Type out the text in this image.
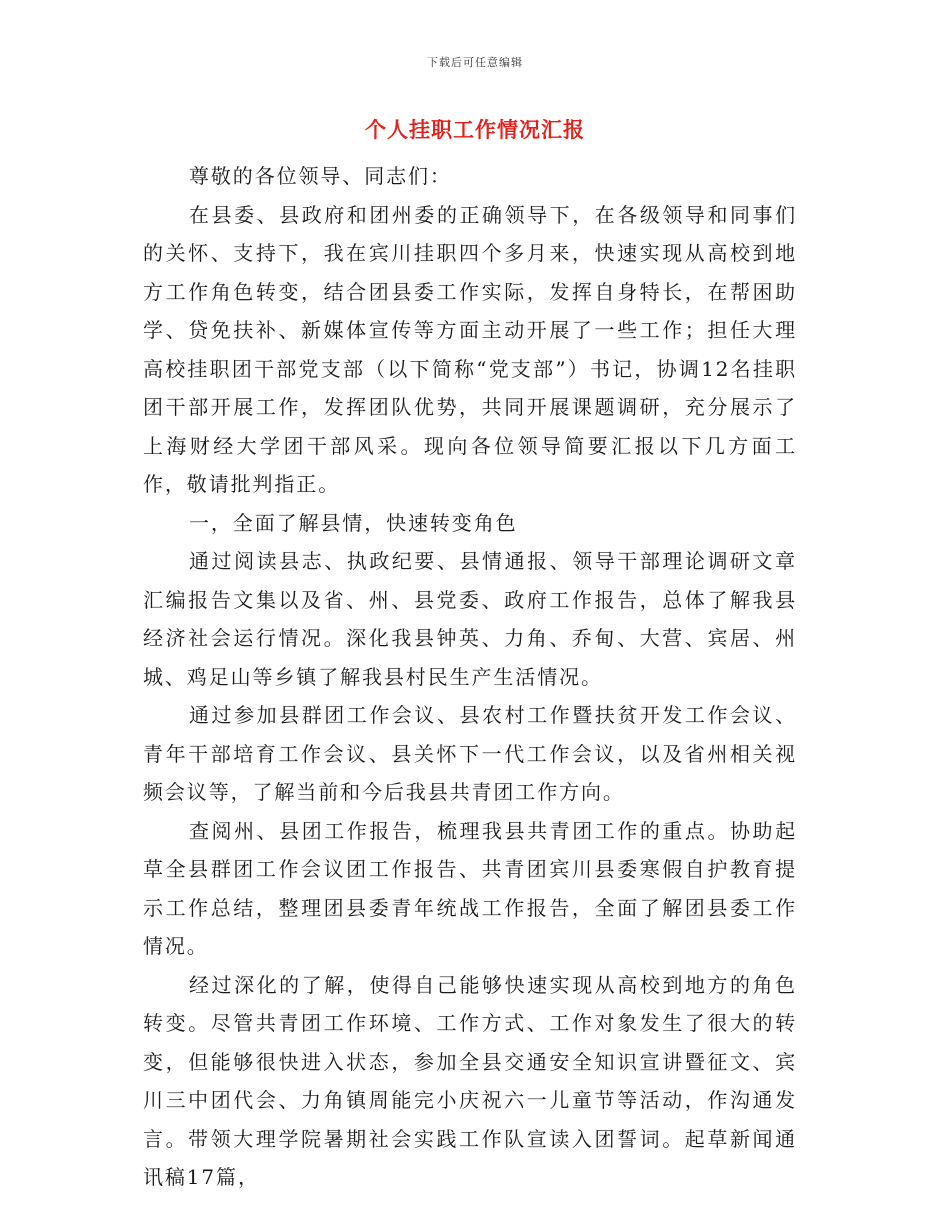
下载后可任意编辑
个人挂职工作情况汇报

尊敬的各位领导、同志们：

在县委、县政府和团州委的正确领导下，在各级领导和同事们的关怀、支持下，我在宾川挂职四个多月来，快速实现从高校到地方工作角色转变，结合团县委工作实际，发挥自身特长，在帮困助学、贷免扶补、新媒体宣传等方面主动开展了一些工作；担任大理高校挂职团干部党支部（以下简称“党支部”）书记，协调12名挂职团干部开展工作，发挥团队优势，共同开展课题调研，充分展示了上海财经大学团干部风采。现向各位领导简要汇报以下几方面工作，敬请批判指正。

一，全面了解县情，快速转变角色

通过阅读县志、执政纪要、县情通报、领导干部理论调研文章汇编报告文集以及省、州、县党委、政府工作报告，总体了解我县经济社会运行情况。深化我县钟英、力角、乔甸、大营、宾居、州城、鸡足山等乡镇了解我县村民生产生活情况。

通过参加县群团工作会议、县农村工作暨扶贫开发工作会议、青年干部培育工作会议、县关怀下一代工作会议，以及省州相关视频会议等，了解当前和今后我县共青团工作方向。

查阅州、县团工作报告，梳理我县共青团工作的重点。协助起草全县群团工作会议团工作报告、共青团宾川县委寒假自护教育提示工作总结，整理团县委青年统战工作报告，全面了解团县委工作情况。

经过深化的了解，使得自己能够快速实现从高校到地方的角色转变。尽管共青团工作环境、工作方式、工作对象发生了很大的转变，但能够很快进入状态，参加全县交通安全知识宣讲暨征文、宾川三中团代会、力角镇周能完小庆祝六一儿童节等活动，作沟通发言。带领大理学院暑期社会实践工作队宣读入团誓词。起草新闻通讯稿17篇，
